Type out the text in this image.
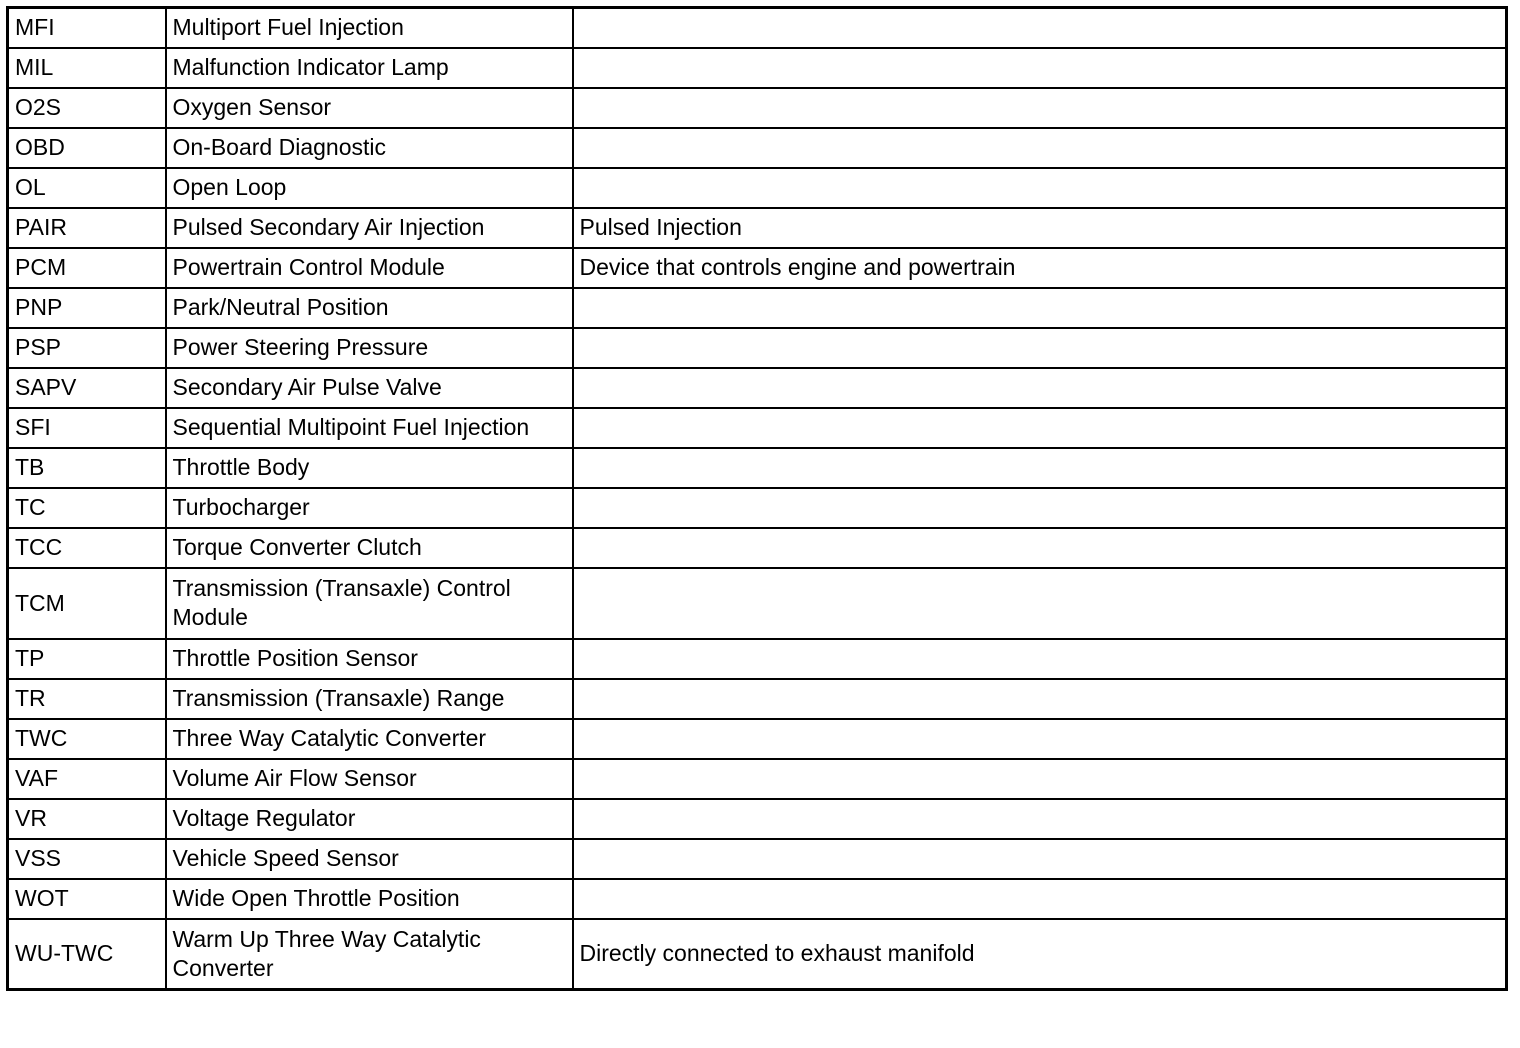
MFI	Multiport Fuel Injection	
MIL	Malfunction Indicator Lamp	
O2S	Oxygen Sensor	
OBD	On-Board Diagnostic	
OL	Open Loop	
PAIR	Pulsed Secondary Air Injection	Pulsed Injection
PCM	Powertrain Control Module	Device that controls engine and powertrain
PNP	Park/Neutral Position	
PSP	Power Steering Pressure	
SAPV	Secondary Air Pulse Valve	
SFI	Sequential Multipoint Fuel Injection	
TB	Throttle Body	
TC	Turbocharger	
TCC	Torque Converter Clutch	
TCM	Transmission (Transaxle) Control Module	
TP	Throttle Position Sensor	
TR	Transmission (Transaxle) Range	
TWC	Three Way Catalytic Converter	
VAF	Volume Air Flow Sensor	
VR	Voltage Regulator	
VSS	Vehicle Speed Sensor	
WOT	Wide Open Throttle Position	
WU-TWC	Warm Up Three Way Catalytic Converter	Directly connected to exhaust manifold
